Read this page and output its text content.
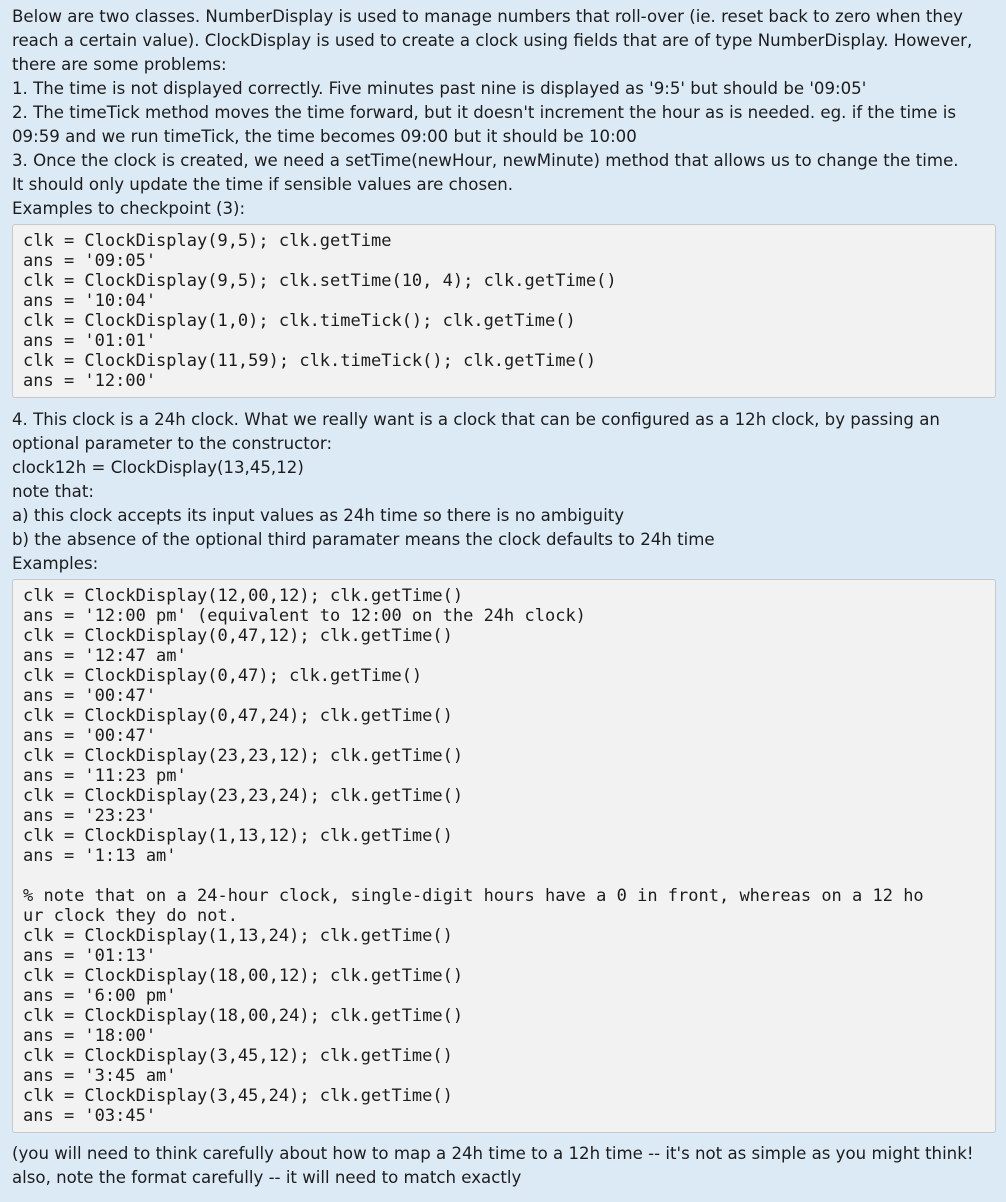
Below are two classes. NumberDisplay is used to manage numbers that roll-over (ie. reset back to zero when they

reach a certain value). ClockDisplay is used to create a clock using fields that are of type NumberDisplay. However,

there are some problems:

1. The time is not displayed correctly. Five minutes past nine is displayed as '9:5' but should be '09:05'

2. The timeTick method moves the time forward, but it doesn't increment the hour as is needed. eg. if the time is

09:59 and we run timeTick, the time becomes 09:00 but it should be 10:00

3. Once the clock is created, we need a setTime(newHour, newMinute) method that allows us to change the time.

It should only update the time if sensible values are chosen.

Examples to checkpoint (3):

clk = ClockDisplay(9,5); clk.getTime

ans = '09:05'

clk = ClockDisplay(9,5); clk.setTime(10, 4); clk.getTime()

ans = '10:04'

clk = ClockDisplay(1,0); clk.timeTick(); clk.getTime()

ans = '01:01'

clk = ClockDisplay(11,59); clk.timeTick(); clk.getTime()

ans = '12:00'

4. This clock is a 24h clock. What we really want is a clock that can be configured as a 12h clock, by passing an

optional parameter to the constructor:

clock12h = ClockDisplay(13,45,12)

note that:

a) this clock accepts its input values as 24h time so there is no ambiguity

b) the absence of the optional third paramater means the clock defaults to 24h time

Examples:

clk = ClockDisplay(12,00,12); clk.getTime()

ans = '12:00 pm' (equivalent to 12:00 on the 24h clock)

clk = ClockDisplay(0,47,12); clk.getTime()

ans = '12:47 am'

clk = ClockDisplay(0,47); clk.getTime()

ans = '00:47'

clk = ClockDisplay(0,47,24); clk.getTime()

ans = '00:47'

clk = ClockDisplay(23,23,12); clk.getTime()

ans = '11:23 pm'

clk = ClockDisplay(23,23,24); clk.getTime()

ans = '23:23'

clk = ClockDisplay(1,13,12); clk.getTime()

ans = '1:13 am'

% note that on a 24-hour clock, single-digit hours have a 0 in front, whereas on a 12 ho

ur clock they do not.

clk = ClockDisplay(1,13,24); clk.getTime()

ans = '01:13'

clk = ClockDisplay(18,00,12); clk.getTime()

ans = '6:00 pm'

clk = ClockDisplay(18,00,24); clk.getTime()

ans = '18:00'

clk = ClockDisplay(3,45,12); clk.getTime()

ans = '3:45 am'

clk = ClockDisplay(3,45,24); clk.getTime()

ans = '03:45'

(you will need to think carefully about how to map a 24h time to a 12h time -- it's not as simple as you might think!

also, note the format carefully -- it will need to match exactly
